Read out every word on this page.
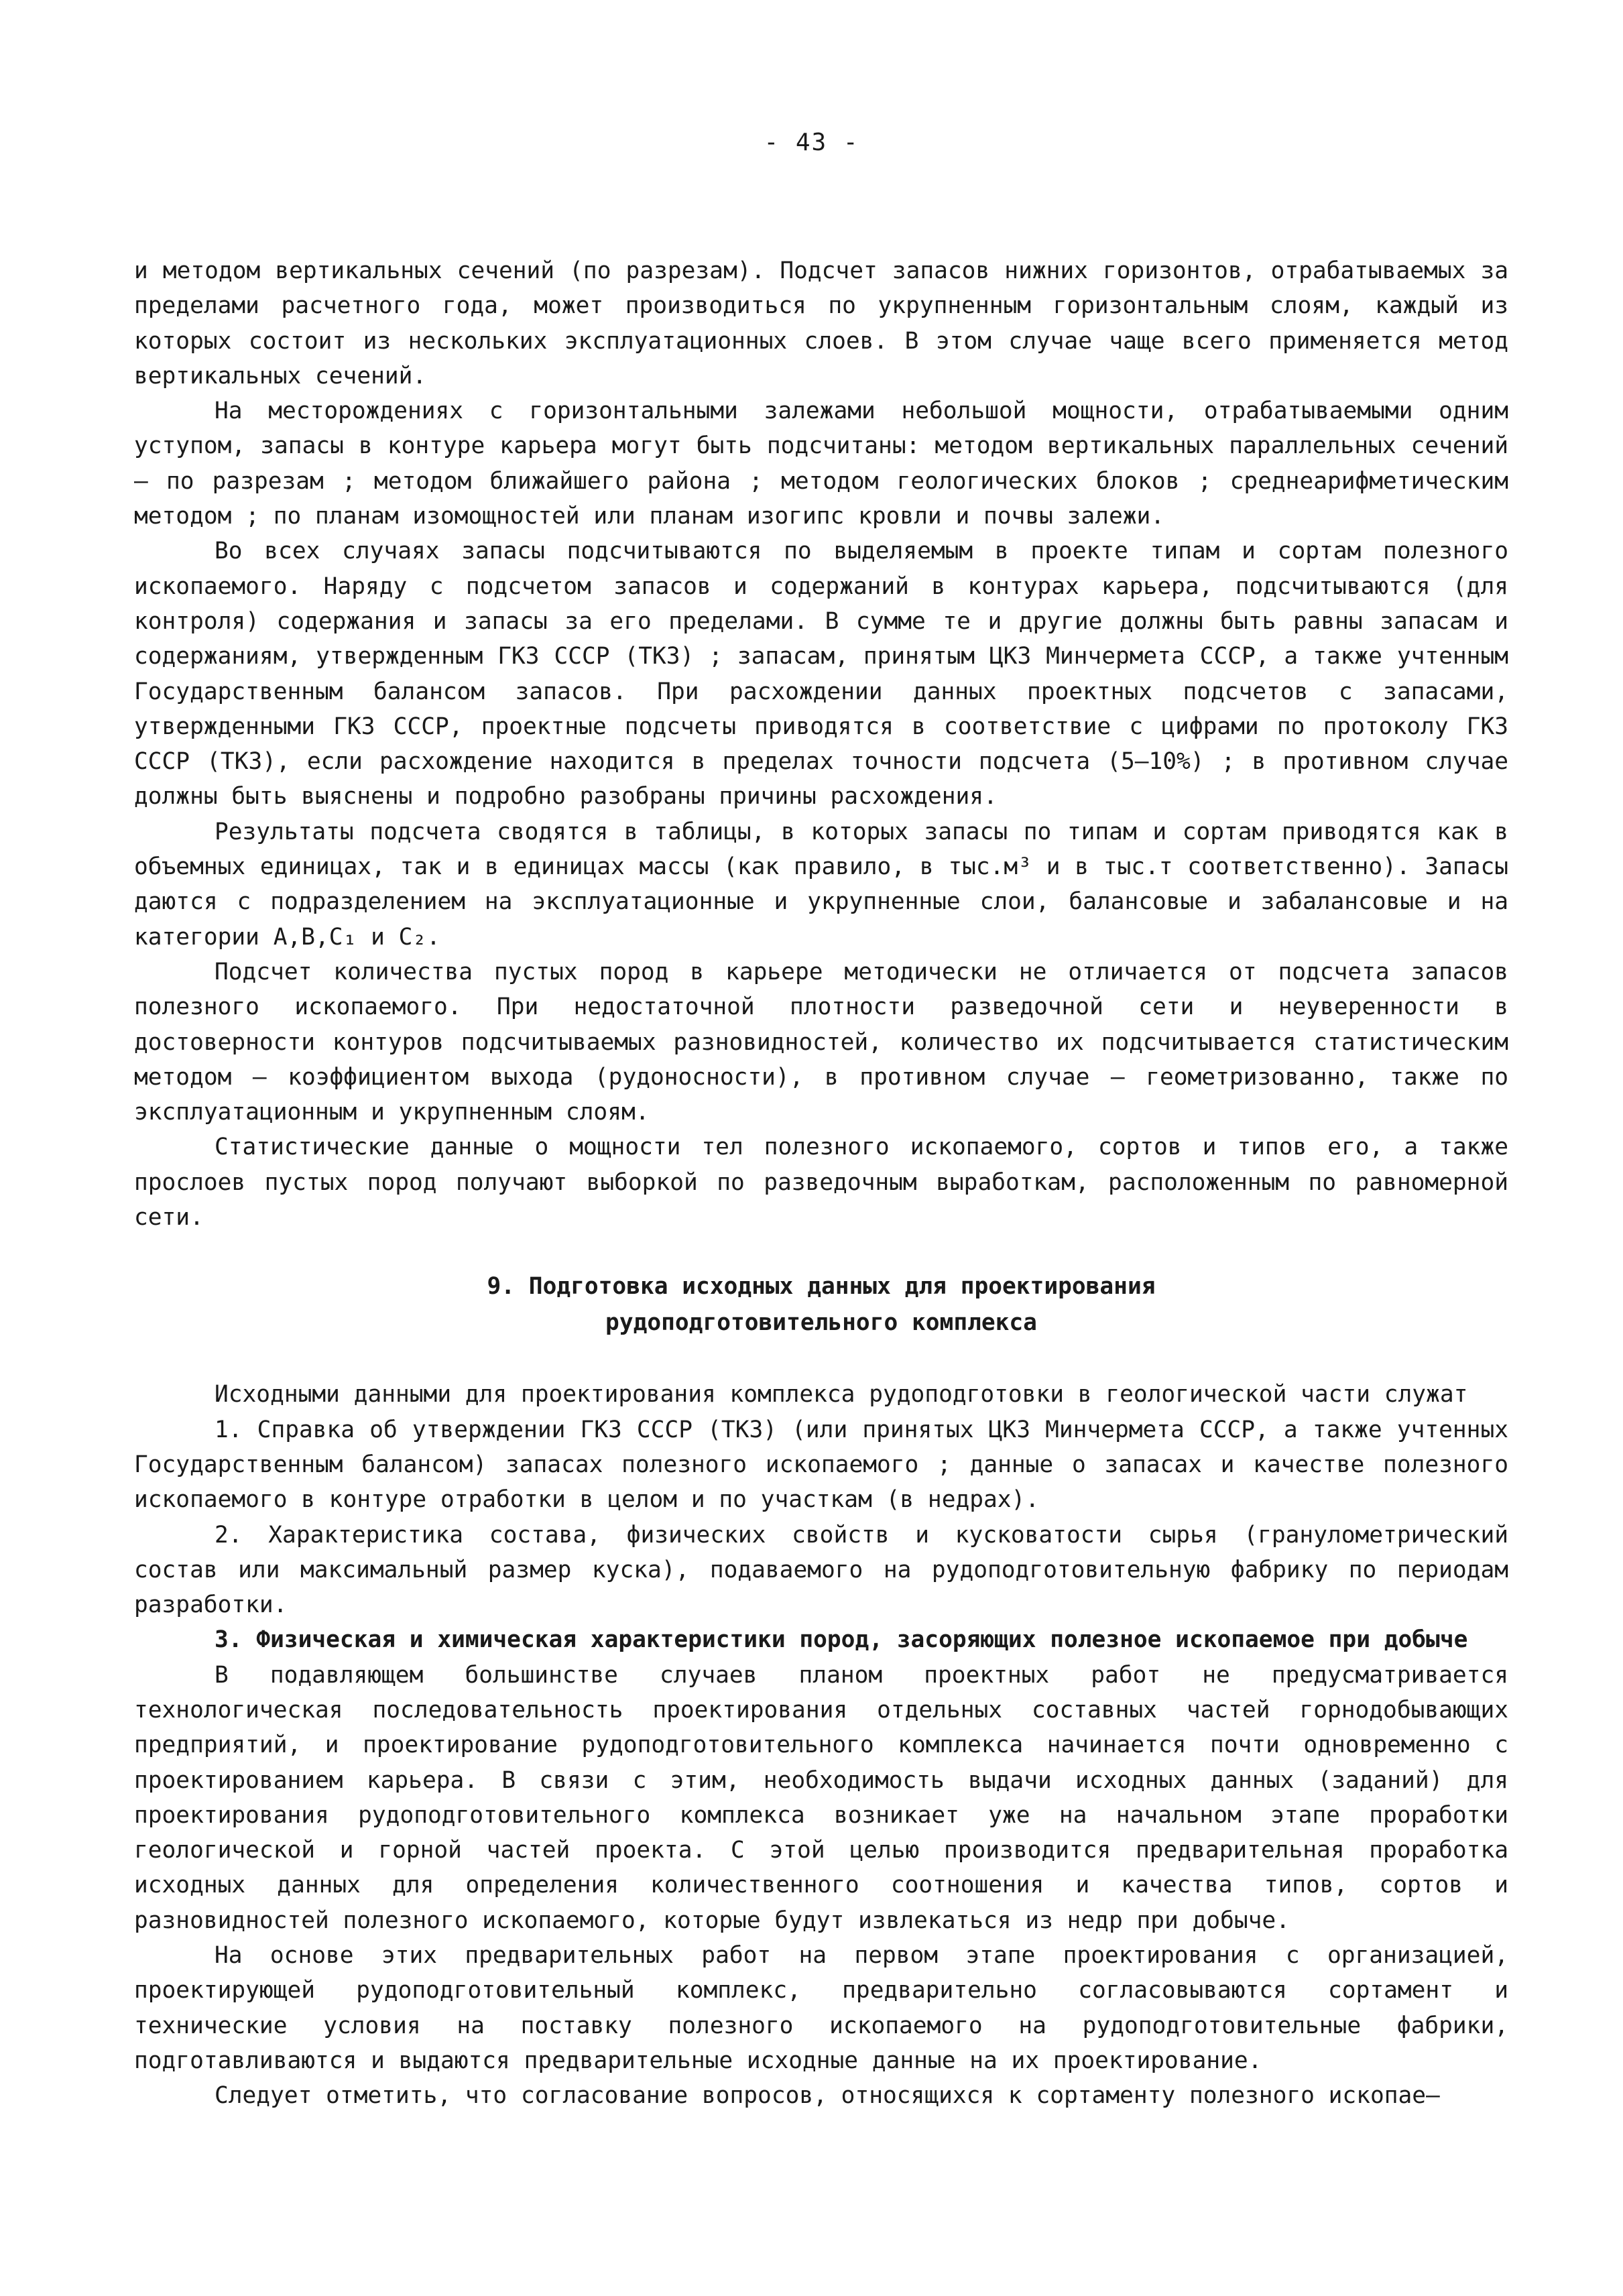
- 43 -

и методом вертикальных сечений (по разрезам). Подсчет запасов нижних горизонтов, отрабатываемых за пределами расчетного года, может производиться по укрупненным горизонтальным слоям, каждый из которых состоит из нескольких эксплуатационных слоев. В этом случае чаще всего применяется метод вертикальных сечений.

На месторождениях с горизонтальными залежами небольшой мощности, отрабатываемыми одним уступом, запасы в контуре карьера могут быть подсчитаны: методом вертикальных параллельных сечений – по разрезам ; методом ближайшего района ; методом геологических блоков ; среднеарифметическим методом ; по планам изомощностей или планам изогипс кровли и почвы залежи.

Во всех случаях запасы подсчитываются по выделяемым в проекте типам и сортам полезного ископаемого. Наряду с подсчетом запасов и содержаний в контурах карьера, подсчитываются (для контроля) содержания и запасы за его пределами. В сумме те и другие должны быть равны запасам и содержаниям, утвержденным ГКЗ СССР (ТКЗ) ; запасам, принятым ЦКЗ Минчермета СССР, а также учтенным Государственным балансом запасов. При расхождении данных проектных подсчетов с запасами, утвержденными ГКЗ СССР, проектные подсчеты приводятся в соответствие с цифрами по протоколу ГКЗ СССР (ТКЗ), если расхождение находится в пределах точности подсчета (5–10%) ; в противном случае должны быть выяснены и подробно разобраны причины расхождения.

Результаты подсчета сводятся в таблицы, в которых запасы по типам и сортам приводятся как в объемных единицах, так и в единицах массы (как правило, в тыс.м³ и в тыс.т соответственно). Запасы даются с подразделением на эксплуатационные и укрупненные слои, балансовые и забалансовые и на категории А,В,С₁ и С₂.

Подсчет количества пустых пород в карьере методически не отличается от подсчета запасов полезного ископаемого. При недостаточной плотности разведочной сети и неуверенности в достоверности контуров подсчитываемых разновидностей, количество их подсчитывается статистическим методом – коэффициентом выхода (рудоносности), в противном случае – геометризованно, также по эксплуатационным и укрупненным слоям.

Статистические данные о мощности тел полезного ископаемого, сортов и типов его, а также прослоев пустых пород получают выборкой по разведочным выработкам, расположенным по равномерной сети.

9. Подготовка исходных данных для проектирования
рудоподготовительного комплекса

Исходными данными для проектирования комплекса рудоподготовки в геологической части служат

1. Справка об утверждении ГКЗ СССР (ТКЗ) (или принятых ЦКЗ Минчермета СССР, а также учтенных Государственным балансом) запасах полезного ископаемого ; данные о запасах и качестве полезного ископаемого в контуре отработки в целом и по участкам (в недрах).

2. Характеристика состава, физических свойств и кусковатости сырья (гранулометрический состав или максимальный размер куска), подаваемого на рудоподготовительную фабрику по периодам разработки.

3. Физическая и химическая характеристики пород, засоряющих полезное ископаемое при добыче

В подавляющем большинстве случаев планом проектных работ не предусматривается технологическая последовательность проектирования отдельных составных частей горнодобывающих предприятий, и проектирование рудоподготовительного комплекса начинается почти одновременно с проектированием карьера. В связи с этим, необходимость выдачи исходных данных (заданий) для проектирования рудоподготовительного комплекса возникает уже на начальном этапе проработки геологической и горной частей проекта. С этой целью производится предварительная проработка исходных данных для определения количественного соотношения и качества типов, сортов и разновидностей полезного ископаемого, которые будут извлекаться из недр при добыче.

На основе этих предварительных работ на первом этапе проектирования с организацией, проектирующей рудоподготовительный комплекс, предварительно согласовываются сортамент и технические условия на поставку полезного ископаемого на рудоподготовительные фабрики, подготавливаются и выдаются предварительные исходные данные на их проектирование.

Следует отметить, что согласование вопросов, относящихся к сортаменту полезного ископае–
